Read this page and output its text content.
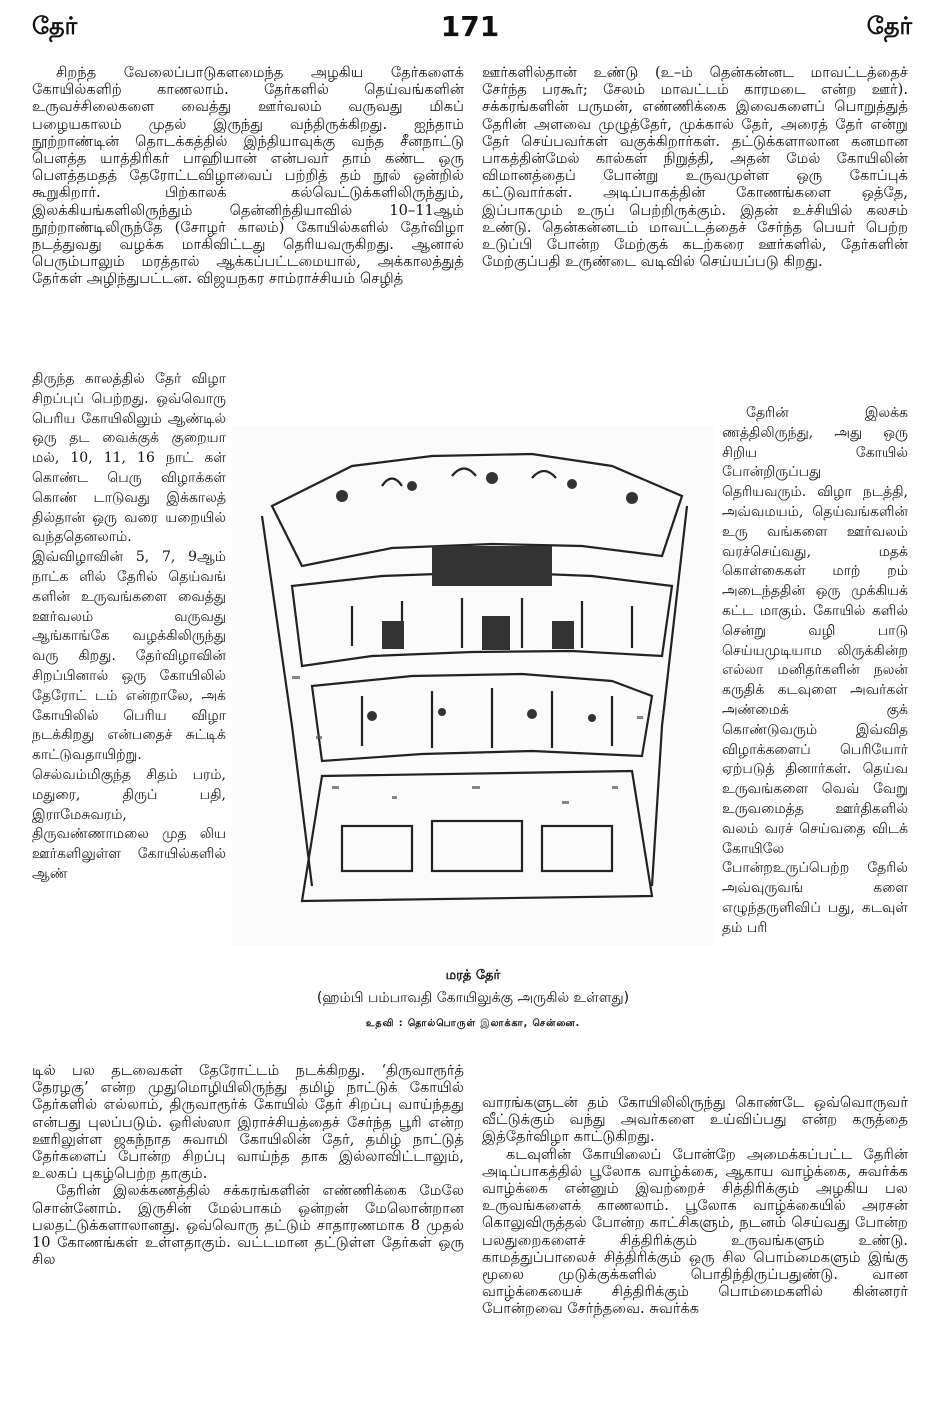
தேர்	171	தேர்

சிறந்த வேலைப்பாடுகளமைந்த அழகிய தேர்களைக் கோயில்களிற் காணலாம். தேர்களில் தெய்வங்களின் உருவச்சிலைகளை வைத்து ஊர்வலம் வருவது மிகப் பழையகாலம் முதல் இருந்து வந்திருக்கிறது. ஐந்தாம் நூற்றாண்டின் தொடக்கத்தில் இந்தியாவுக்கு வந்த சீனநாட்டு பௌத்த யாத்திரிகர் பாஹியான் என்பவர் தாம் கண்ட ஒரு பௌத்தமதத் தேரோட்டவிழாவைப் பற்றித் தம் நூல் ஒன்றில் கூறுகிறார். பிற்காலக் கல்வெட்டுக்களிலிருந்தும், இலக்கியங்களிலிருந்தும் தென்னிந்தியாவில் 10–11ஆம் நூற்றாண்டிலிருந்தே (சோழர் காலம்) கோயில்களில் தேர்விழா நடத்துவது வழக்க மாகிவிட்டது தெரியவருகிறது. ஆனால் பெரும்பாலும் மரத்தால் ஆக்கப்பட்டமையால், அக்காலத்துத் தேர்கள் அழிந்துபட்டன. விஜயநகர சாம்ராச்சியம் செழித்

திருந்த காலத்தில் தேர் விழா சிறப்புப் பெற்றது. ஒவ்வொரு பெரிய கோயிலிலும் ஆண்டில் ஒரு தட வைக்குக் குறையா மல், 10, 11, 16 நாட் கள் கொண்ட பெரு விழாக்கள் கொண் டாடுவது இக்காலத் தில்தான் ஒரு வரை யறையில் வந்ததெனலாம். இவ்விழாவின் 5, 7, 9ஆம் நாட்க ளில் தேரில் தெய்வங் களின் உருவங்களை வைத்து ஊர்வலம் வருவது ஆங்காங்கே வழக்கிலிருந்து வரு கிறது. தேர்விழாவின் சிறப்பினால் ஒரு கோயிலில் தேரோட் டம் என்றாலே, அக் கோயிலில் பெரிய விழா நடக்கிறது என்பதைச் சுட்டிக் காட்டுவதாயிற்று. செல்வம்மிகுந்த சிதம் பரம், மதுரை, திருப் பதி, இராமேசுவரம், திருவண்ணாமலை முத லிய ஊர்களிலுள்ள கோயில்களில் ஆண்

டில் பல தடவைகள் தேரோட்டம் நடக்கிறது. ‘திருவாரூர்த் தேரழகு’ என்ற முதுமொழியிலிருந்து தமிழ் நாட்டுக் கோயில் தேர்களில் எல்லாம், திருவாரூர்க் கோயில் தேர் சிறப்பு வாய்ந்தது என்பது புலப்படும். ஒரிஸ்ஸா இராச்சியத்தைச் சேர்ந்த பூரி என்ற ஊரிலுள்ள ஜகந்நாத சுவாமி கோயிலின் தேர், தமிழ் நாட்டுத் தேர்களைப் போன்ற சிறப்பு வாய்ந்த தாக இல்லாவிட்டாலும், உலகப் புகழ்பெற்ற தாகும்.

தேரின் இலக்கணத்தில் சக்கரங்களின் எண்ணிக்கை மேலே சொன்னோம். இருசின் மேல்பாகம் ஒன்றன் மேலொன்றான பலதட்டுக்களாலானது. ஒவ்வொரு தட்டும் சாதாரணமாக 8 முதல் 10 கோணங்கள் உள்ளதாகும். வட்டமான தட்டுள்ள தேர்கள் ஒரு சில

ஊர்களில்தான் உண்டு (உ–ம் தென்கன்னட மாவட்டத்தைச் சேர்ந்த பரகூர்; சேலம் மாவட்டம் காரமடை என்ற ஊர்). சக்கரங்களின் பருமன், எண்ணிக்கை இவைகளைப் பொறுத்துத் தேரின் அளவை முழுத்தேர், முக்கால் தேர், அரைத் தேர் என்று தேர் செய்பவர்கள் வகுக்கிறார்கள். தட்டுக்களாலான கனமான பாகத்தின்மேல் கால்கள் நிறுத்தி, அதன் மேல் கோயிலின் விமானத்தைப் போன்று உருவமுள்ள ஒரு கோப்புக் கட்டுவார்கள். அடிப்பாகத்தின் கோணங்களை ஒத்தே, இப்பாகமும் உருப் பெற்றிருக்கும். இதன் உச்சியில் கலசம் உண்டு. தென்கன்னடம் மாவட்டத்தைச் சேர்ந்த பெயர் பெற்ற உடுப்பி போன்ற மேற்குக் கடற்கரை ஊர்களில், தேர்களின் மேற்குப்பதி உருண்டை வடிவில் செய்யப்படு கிறது.

தேரின் இலக்க ணத்திலிருந்து, அது ஒரு சிறிய கோயில் போன்றிருப்பது தெரியவரும். விழா நடத்தி, அவ்வமயம், தெய்வங்களின் உரு வங்களை ஊர்வலம் வரச்செய்வது, மதக் கொள்கைகள் மாற் றம் அடைந்ததின் ஒரு முக்கியக் கட்ட மாகும். கோயில் களில் சென்று வழி பாடு செய்யமுடியாம லிருக்கின்ற எல்லா மனிதர்களின் நலன் கருதிக் கடவுளை அவர்கள் அண்மைக் குக் கொண்டுவரும் இவ்வித விழாக்களைப் பெரியோர் ஏற்படுத் தினார்கள். தெய்வ உருவங்களை வெவ் வேறு உருவமைத்த ஊர்திகளில் வலம் வரச் செய்வதை விடக் கோயிலே போன்றஉருப்பெற்ற தேரில் அவ்வுருவங் களை எழுந்தருளிவிப் பது, கடவுள் தம் பரி

வாரங்களுடன் தம் கோயிலிலிருந்து கொண்டே ஒவ்வொருவர் வீட்டுக்கும் வந்து அவர்களை உய்விப்பது என்ற கருத்தை இத்தேர்விழா காட்டுகிறது.

கடவுளின் கோயிலைப் போன்றே அமைக்கப்பட்ட தேரின் அடிப்பாகத்தில் பூலோக வாழ்க்கை, ஆகாய வாழ்க்கை, சுவர்க்க வாழ்க்கை என்னும் இவற்றைச் சித்திரிக்கும் அழகிய பல உருவங்களைக் காணலாம். பூலோக வாழ்க்கையில் அரசன் கொலுவிருத்தல் போன்ற காட்சிகளும், நடனம் செய்வது போன்ற பலதுறைகளைச் சித்திரிக்கும் உருவங்களும் உண்டு. காமத்துப்பாலைச் சித்திரிக்கும் ஒரு சில பொம்மைகளும் இங்கு மூலை முடுக்குக்களில் பொதிந்திருப்பதுண்டு. வான வாழ்க்கையைச் சித்திரிக்கும் பொம்மைகளில் கின்னரர் போன்றவை சேர்ந்தவை. சுவர்க்க

மரத் தேர்
(ஹம்பி பம்பாவதி கோயிலுக்கு அருகில் உள்ளது)
உதவி : தொல்பொருள் இலாக்கா, சென்னை.
